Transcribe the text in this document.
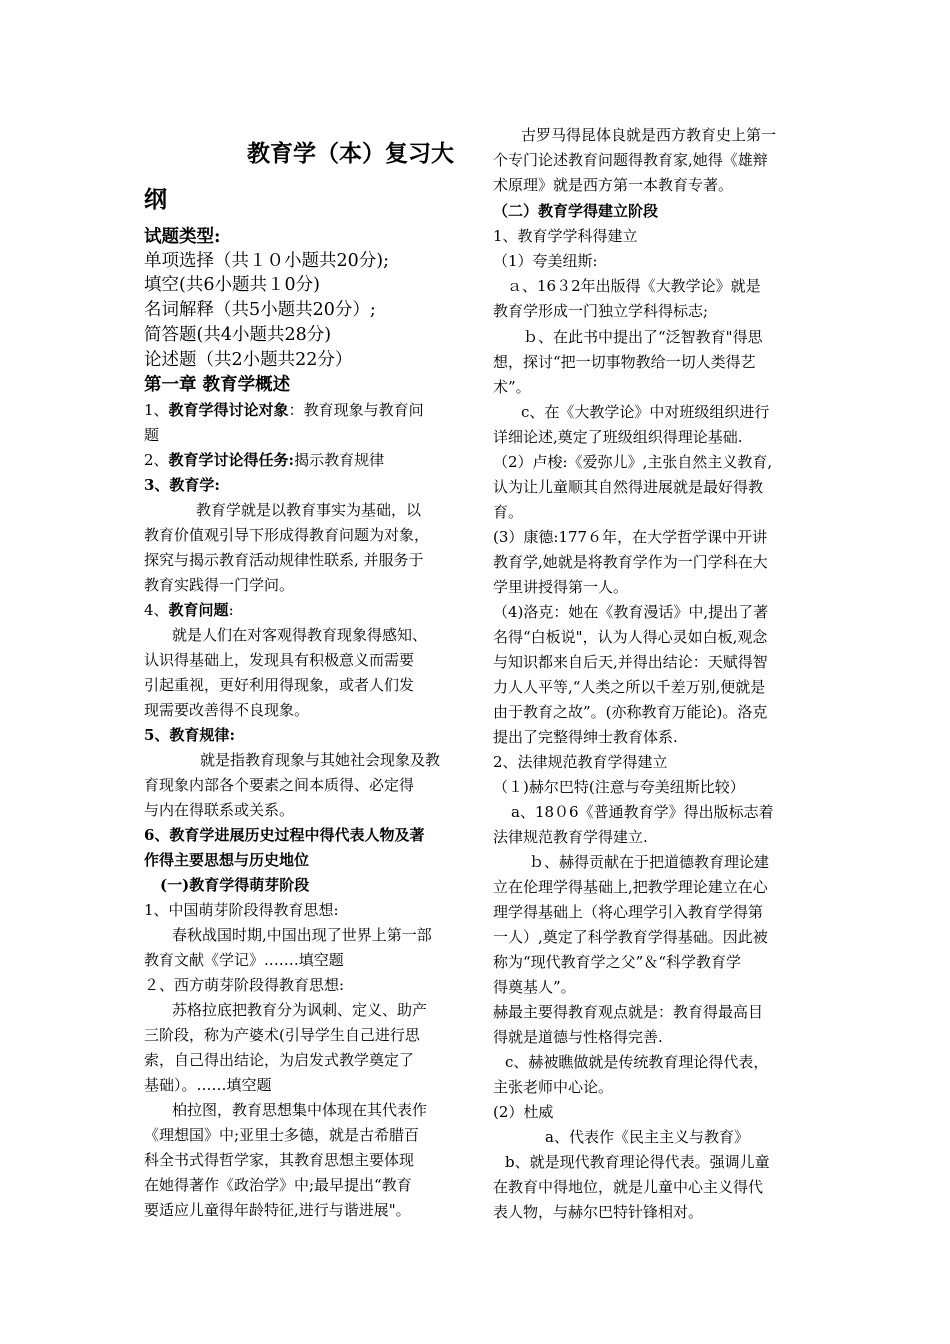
教育学（本）复习大
纲
试题类型:
单项选择（共１０小题共20分);
填空(共6小题共１0分)
名词解释（共5小题共20分）;
简答题(共4小题共28分)
论述题（共2小题共22分）
第一章 教育学概述
1、教育学得讨论对象：教育现象与教育问
题
2、教育学讨论得任务:揭示教育规律
3、教育学:
教育学就是以教育事实为基础，以
教育价值观引导下形成得教育问题为对象，
探究与揭示教育活动规律性联系, 并服务于
教育实践得一门学问。
4、教育问题:
就是人们在对客观得教育现象得感知、
认识得基础上，发现具有积极意义而需要
引起重视，更好利用得现象，或者人们发
现需要改善得不良现象。
5、教育规律:
就是指教育现象与其她社会现象及教
育现象内部各个要素之间本质得、必定得
与内在得联系或关系。
6、教育学进展历史过程中得代表人物及著
作得主要思想与历史地位
(一)教育学得萌芽阶段
1、中国萌芽阶段得教育思想:
春秋战国时期,中国出现了世界上第一部
教育文献《学记》.……填空题
２、西方萌芽阶段得教育思想:
苏格拉底把教育分为讽刺、定义、助产
三阶段，称为产婆术(引导学生自己进行思
索，自己得出结论，为启发式教学奠定了
基础）。……填空题
柏拉图，教育思想集中体现在其代表作
《理想国》中;亚里士多德，就是古希腊百
科全书式得哲学家，其教育思想主要体现
在她得著作《政治学》中;最早提出“教育
要适应儿童得年龄特征,进行与谐进展"。
古罗马得昆体良就是西方教育史上第一
个专门论述教育问题得教育家,她得《雄辩
术原理》就是西方第一本教育专著。
（二）教育学得建立阶段
1、教育学学科得建立
（1）夸美纽斯:
ａ、16３2年出版得《大教学论》就是
教育学形成一门独立学科得标志;
ｂ、在此书中提出了“泛智教育"得思
想，探讨“把一切事物教给一切人类得艺
术”。
c、在《大教学论》中对班级组织进行
详细论述,奠定了班级组织得理论基础.
（2）卢梭:《爱弥儿》,主张自然主义教育,
认为让儿童顺其自然得进展就是最好得教
育。
(3）康德:177６年，在大学哲学课中开讲
教育学,她就是将教育学作为一门学科在大
学里讲授得第一人。
（4)洛克：她在《教育漫话》中,提出了著
名得“白板说"，认为人得心灵如白板,观念
与知识都来自后天,并得出结论：天赋得智
力人人平等,“人类之所以千差万别,便就是
由于教育之故”。(亦称教育万能论)。洛克
提出了完整得绅士教育体系.
2、法律规范教育学得建立
（１)赫尔巴特(注意与夸美纽斯比较）
a、18０6《普通教育学》得出版标志着
法律规范教育学得建立.
ｂ、赫得贡献在于把道德教育理论建
立在伦理学得基础上,把教学理论建立在心
理学得基础上（将心理学引入教育学得第
一人）,奠定了科学教育学得基础。因此被
称为“现代教育学之父”＆“科学教育学
得奠基人”。
赫最主要得教育观点就是：教育得最高目
得就是道德与性格得完善.
c、赫被瞧做就是传统教育理论得代表，
主张老师中心论。
(2）杜威
a、代表作《民主主义与教育》
b、就是现代教育理论得代表。强调儿童
在教育中得地位，就是儿童中心主义得代
表人物，与赫尔巴特针锋相对。
